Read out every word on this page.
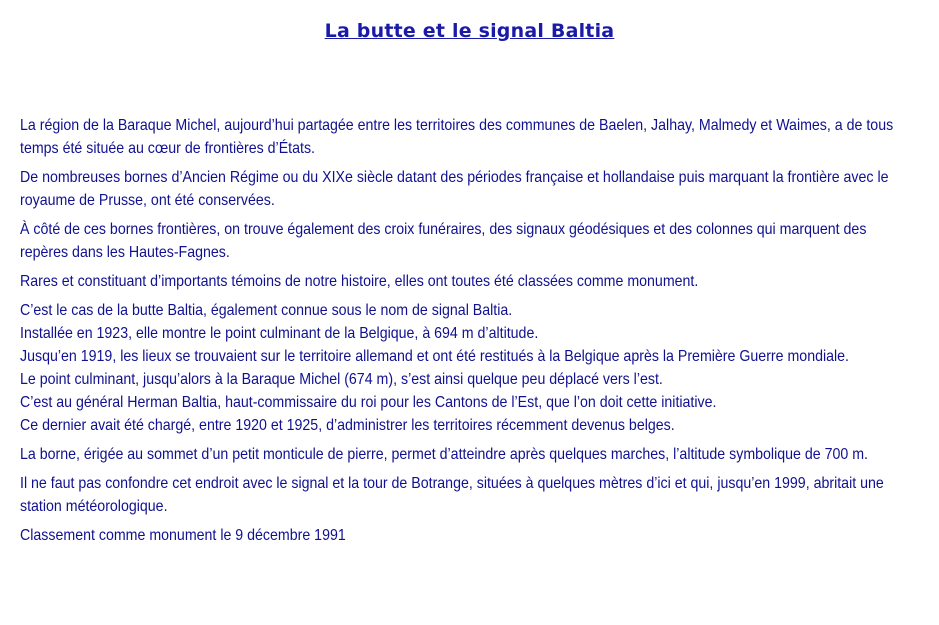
La butte et le signal Baltia

La région de la Baraque Michel, aujourd’hui partagée entre les territoires des communes de Baelen, Jalhay, Malmedy et Waimes, a de tous temps été située au cœur de frontières d’États.

De nombreuses bornes d’Ancien Régime ou du XIXe siècle datant des périodes française et hollandaise puis marquant la frontière avec le royaume de Prusse, ont été conservées.

À côté de ces bornes frontières, on trouve également des croix funéraires, des signaux géodésiques et des colonnes qui marquent des repères dans les Hautes-Fagnes.

Rares et constituant d’importants témoins de notre histoire, elles ont toutes été classées comme monument.

C’est le cas de la butte Baltia, également connue sous le nom de signal Baltia.
Installée en 1923, elle montre le point culminant de la Belgique, à 694 m d’altitude.
Jusqu’en 1919, les lieux se trouvaient sur le territoire allemand et ont été restitués à la Belgique après la Première Guerre mondiale.
Le point culminant, jusqu’alors à la Baraque Michel (674 m), s’est ainsi quelque peu déplacé vers l’est.
C’est au général Herman Baltia, haut-commissaire du roi pour les Cantons de l’Est, que l’on doit cette initiative.
Ce dernier avait été chargé, entre 1920 et 1925, d’administrer les territoires récemment devenus belges.

La borne, érigée au sommet d’un petit monticule de pierre, permet d’atteindre après quelques marches, l’altitude symbolique de 700 m.

Il ne faut pas confondre cet endroit avec le signal et la tour de Botrange, situées à quelques mètres d’ici et qui, jusqu’en 1999, abritait une station météorologique.

Classement comme monument le 9 décembre 1991
